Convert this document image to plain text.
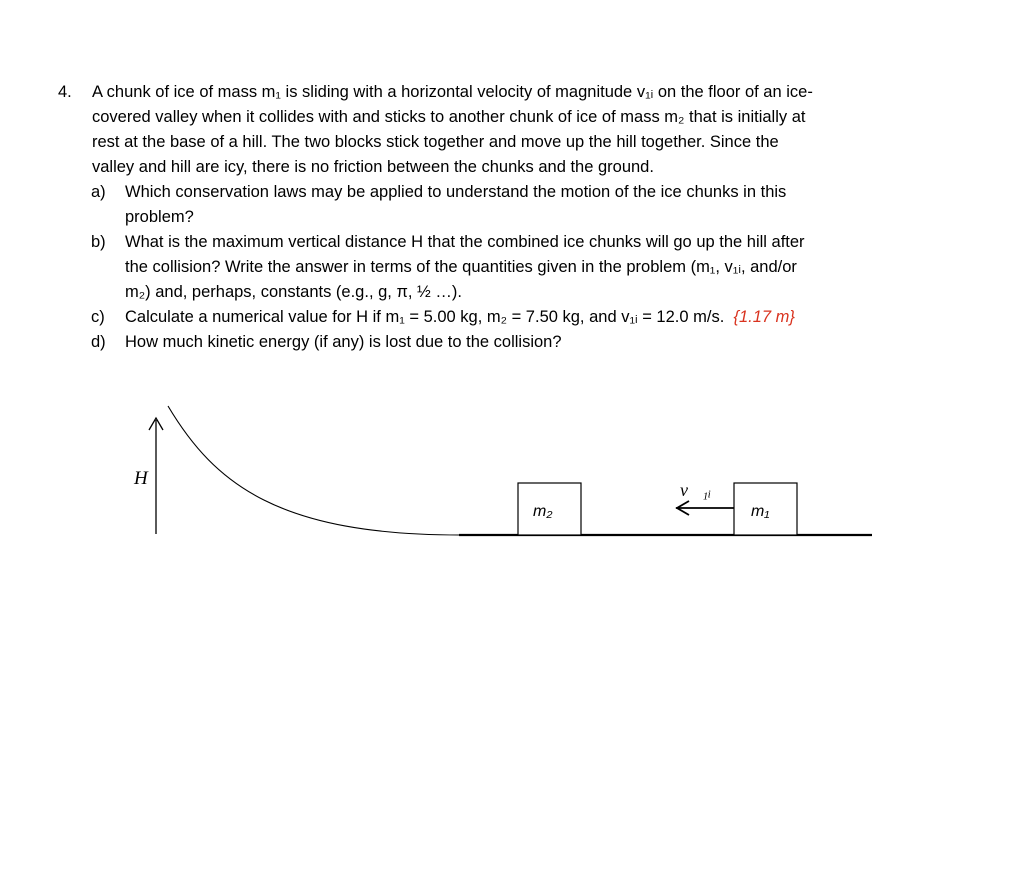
4. A chunk of ice of mass m₁ is sliding with a horizontal velocity of magnitude v₁ᵢ on the floor of an ice-
covered valley when it collides with and sticks to another chunk of ice of mass m₂ that is initially at
rest at the base of a hill. The two blocks stick together and move up the hill together. Since the
valley and hill are icy, there is no friction between the chunks and the ground.
a) Which conservation laws may be applied to understand the motion of the ice chunks in this
problem?
b) What is the maximum vertical distance H that the combined ice chunks will go up the hill after
the collision? Write the answer in terms of the quantities given in the problem (m₁, v₁ᵢ, and/or
m₂) and, perhaps, constants (e.g., g, π, ½ …).
c) Calculate a numerical value for H if m₁ = 5.00 kg, m₂ = 7.50 kg, and v₁ᵢ = 12.0 m/s. {1.17 m}
d) How much kinetic energy (if any) is lost due to the collision?
H
m₂	m₁
v⃗₁ᵢ
